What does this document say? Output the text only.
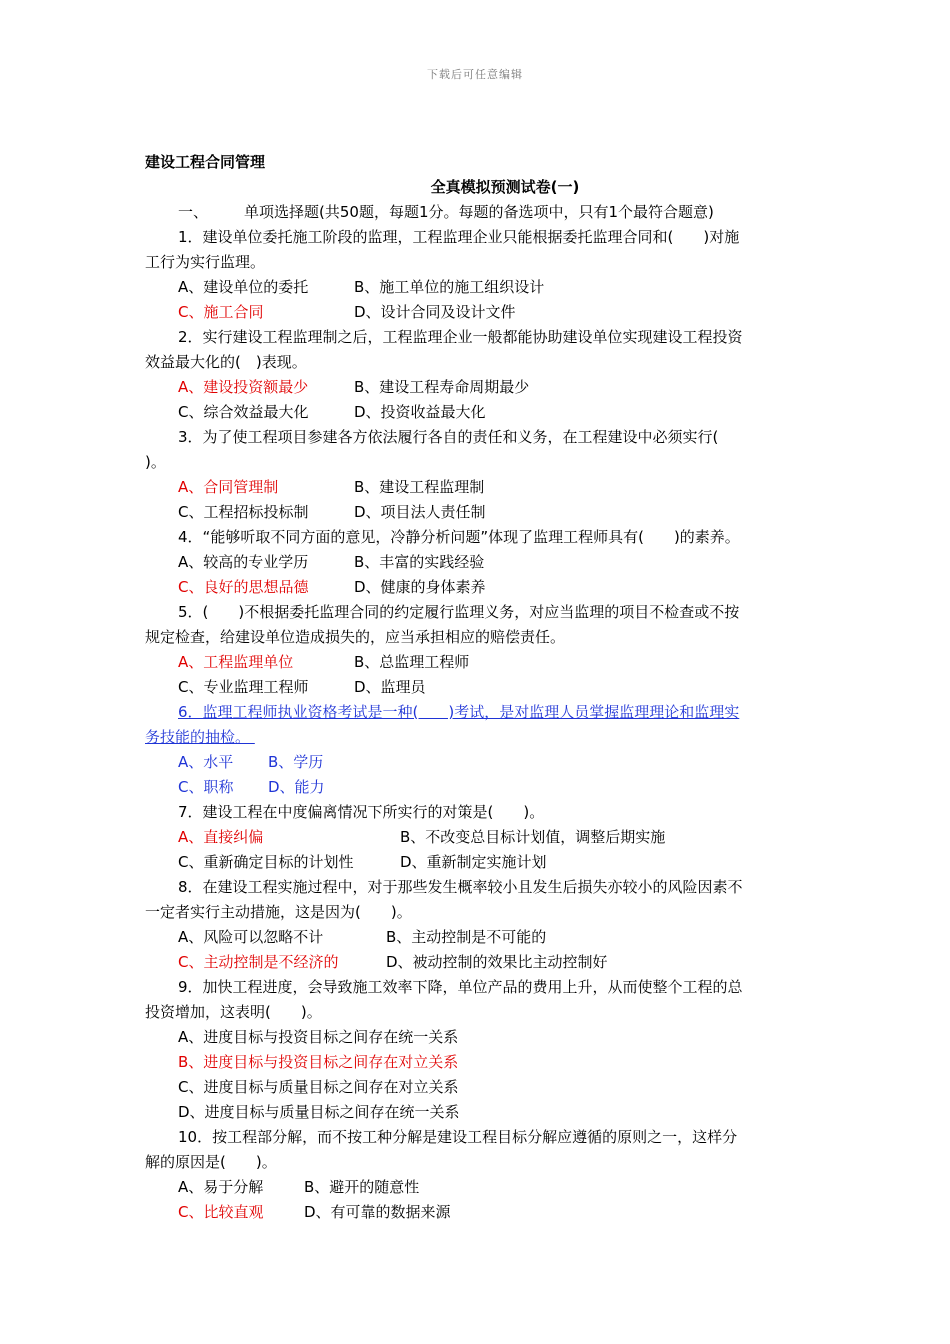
下载后可任意编辑
建设工程合同管理
全真模拟预测试卷(一)
一、 单项选择题(共50题，每题1分。每题的备选项中，只有1个最符合题意)
1．建设单位委托施工阶段的监理，工程监理企业只能根据委托监理合同和(　　)对施
工行为实行监理。
A、建设单位的委托	B、施工单位的施工组织设计
C、施工合同	D、设计合同及设计文件
2．实行建设工程监理制之后，工程监理企业一般都能协助建设单位实现建设工程投资
效益最大化的(　)表现。
A、建设投资额最少	B、建设工程寿命周期最少
C、综合效益最大化	D、投资收益最大化
3．为了使工程项目参建各方依法履行各自的责任和义务，在工程建设中必须实行(
)。
A、合同管理制	B、建设工程监理制
C、工程招标投标制	D、项目法人责任制
4．“能够听取不同方面的意见，冷静分析问题”体现了监理工程师具有(　　)的素养。
A、较高的专业学历	B、丰富的实践经验
C、良好的思想品德	D、健康的身体素养
5．(　　)不根据委托监理合同的约定履行监理义务，对应当监理的项目不检查或不按
规定检查，给建设单位造成损失的，应当承担相应的赔偿责任。
A、工程监理单位	B、总监理工程师
C、专业监理工程师	D、监理员
6．监理工程师执业资格考试是一种(　　)考试，是对监理人员掌握监理理论和监理实
务技能的抽检。
A、水平 B、学历
C、职称 D、能力
7．建设工程在中度偏离情况下所实行的对策是(　　)。
A、直接纠偏	B、不改变总目标计划值，调整后期实施
C、重新确定目标的计划性	D、重新制定实施计划
8．在建设工程实施过程中，对于那些发生概率较小且发生后损失亦较小的风险因素不
一定者实行主动措施，这是因为(　　)。
A、风险可以忽略不计	B、主动控制是不可能的
C、主动控制是不经济的	D、被动控制的效果比主动控制好
9．加快工程进度，会导致施工效率下降，单位产品的费用上升，从而使整个工程的总
投资增加，这表明(　　)。
A、进度目标与投资目标之间存在统一关系
B、进度目标与投资目标之间存在对立关系
C、进度目标与质量目标之间存在对立关系
D、进度目标与质量目标之间存在统一关系
10．按工程部分解，而不按工种分解是建设工程目标分解应遵循的原则之一，这样分
解的原因是(　　)。
A、易于分解	B、避开的随意性
C、比较直观	D、有可靠的数据来源
